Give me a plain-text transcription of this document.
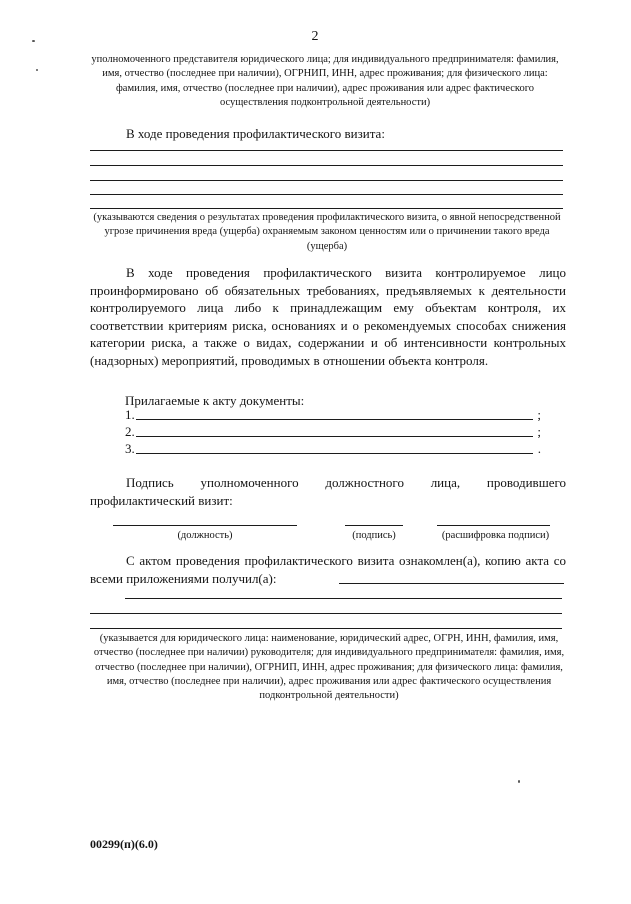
2
уполномоченного представителя юридического лица; для индивидуального предпринимателя: фамилия, имя, отчество (последнее при наличии), ОГРНИП, ИНН, адрес проживания; для физического лица: фамилия, имя, отчество (последнее при наличии), адрес проживания или адрес фактического осуществления подконтрольной деятельности)
В ходе проведения профилактического визита:
(указываются сведения о результатах проведения профилактического визита, о явной непосредственной угрозе причинения вреда (ущерба) охраняемым законом ценностям или о причинении такого вреда (ущерба)
В ходе проведения профилактического визита контролируемое лицо проинформировано об обязательных требованиях, предъявляемых к деятельности контролируемого лица либо к принадлежащим ему объектам контроля, их соответствии критериям риска, основаниях и о рекомендуемых способах снижения категории риска, а также о видах, содержании и об интенсивности контрольных (надзорных) мероприятий, проводимых в отношении объекта контроля.
Прилагаемые к акту документы:
1.	;
2.	;
3.	.
Подпись уполномоченного должностного лица, проводившего профилактический визит:
(должность)	(подпись)	(расшифровка подписи)
С актом проведения профилактического визита ознакомлен(а), копию акта со всеми приложениями получил(а):
(указывается для юридического лица: наименование, юридический адрес, ОГРН, ИНН, фамилия, имя, отчество (последнее при наличии) руководителя; для индивидуального предпринимателя: фамилия, имя, отчество (последнее при наличии), ОГРНИП, ИНН, адрес проживания; для физического лица: фамилия, имя, отчество (последнее при наличии), адрес проживания или адрес фактического осуществления подконтрольной деятельности)
00299(п)(6.0)
